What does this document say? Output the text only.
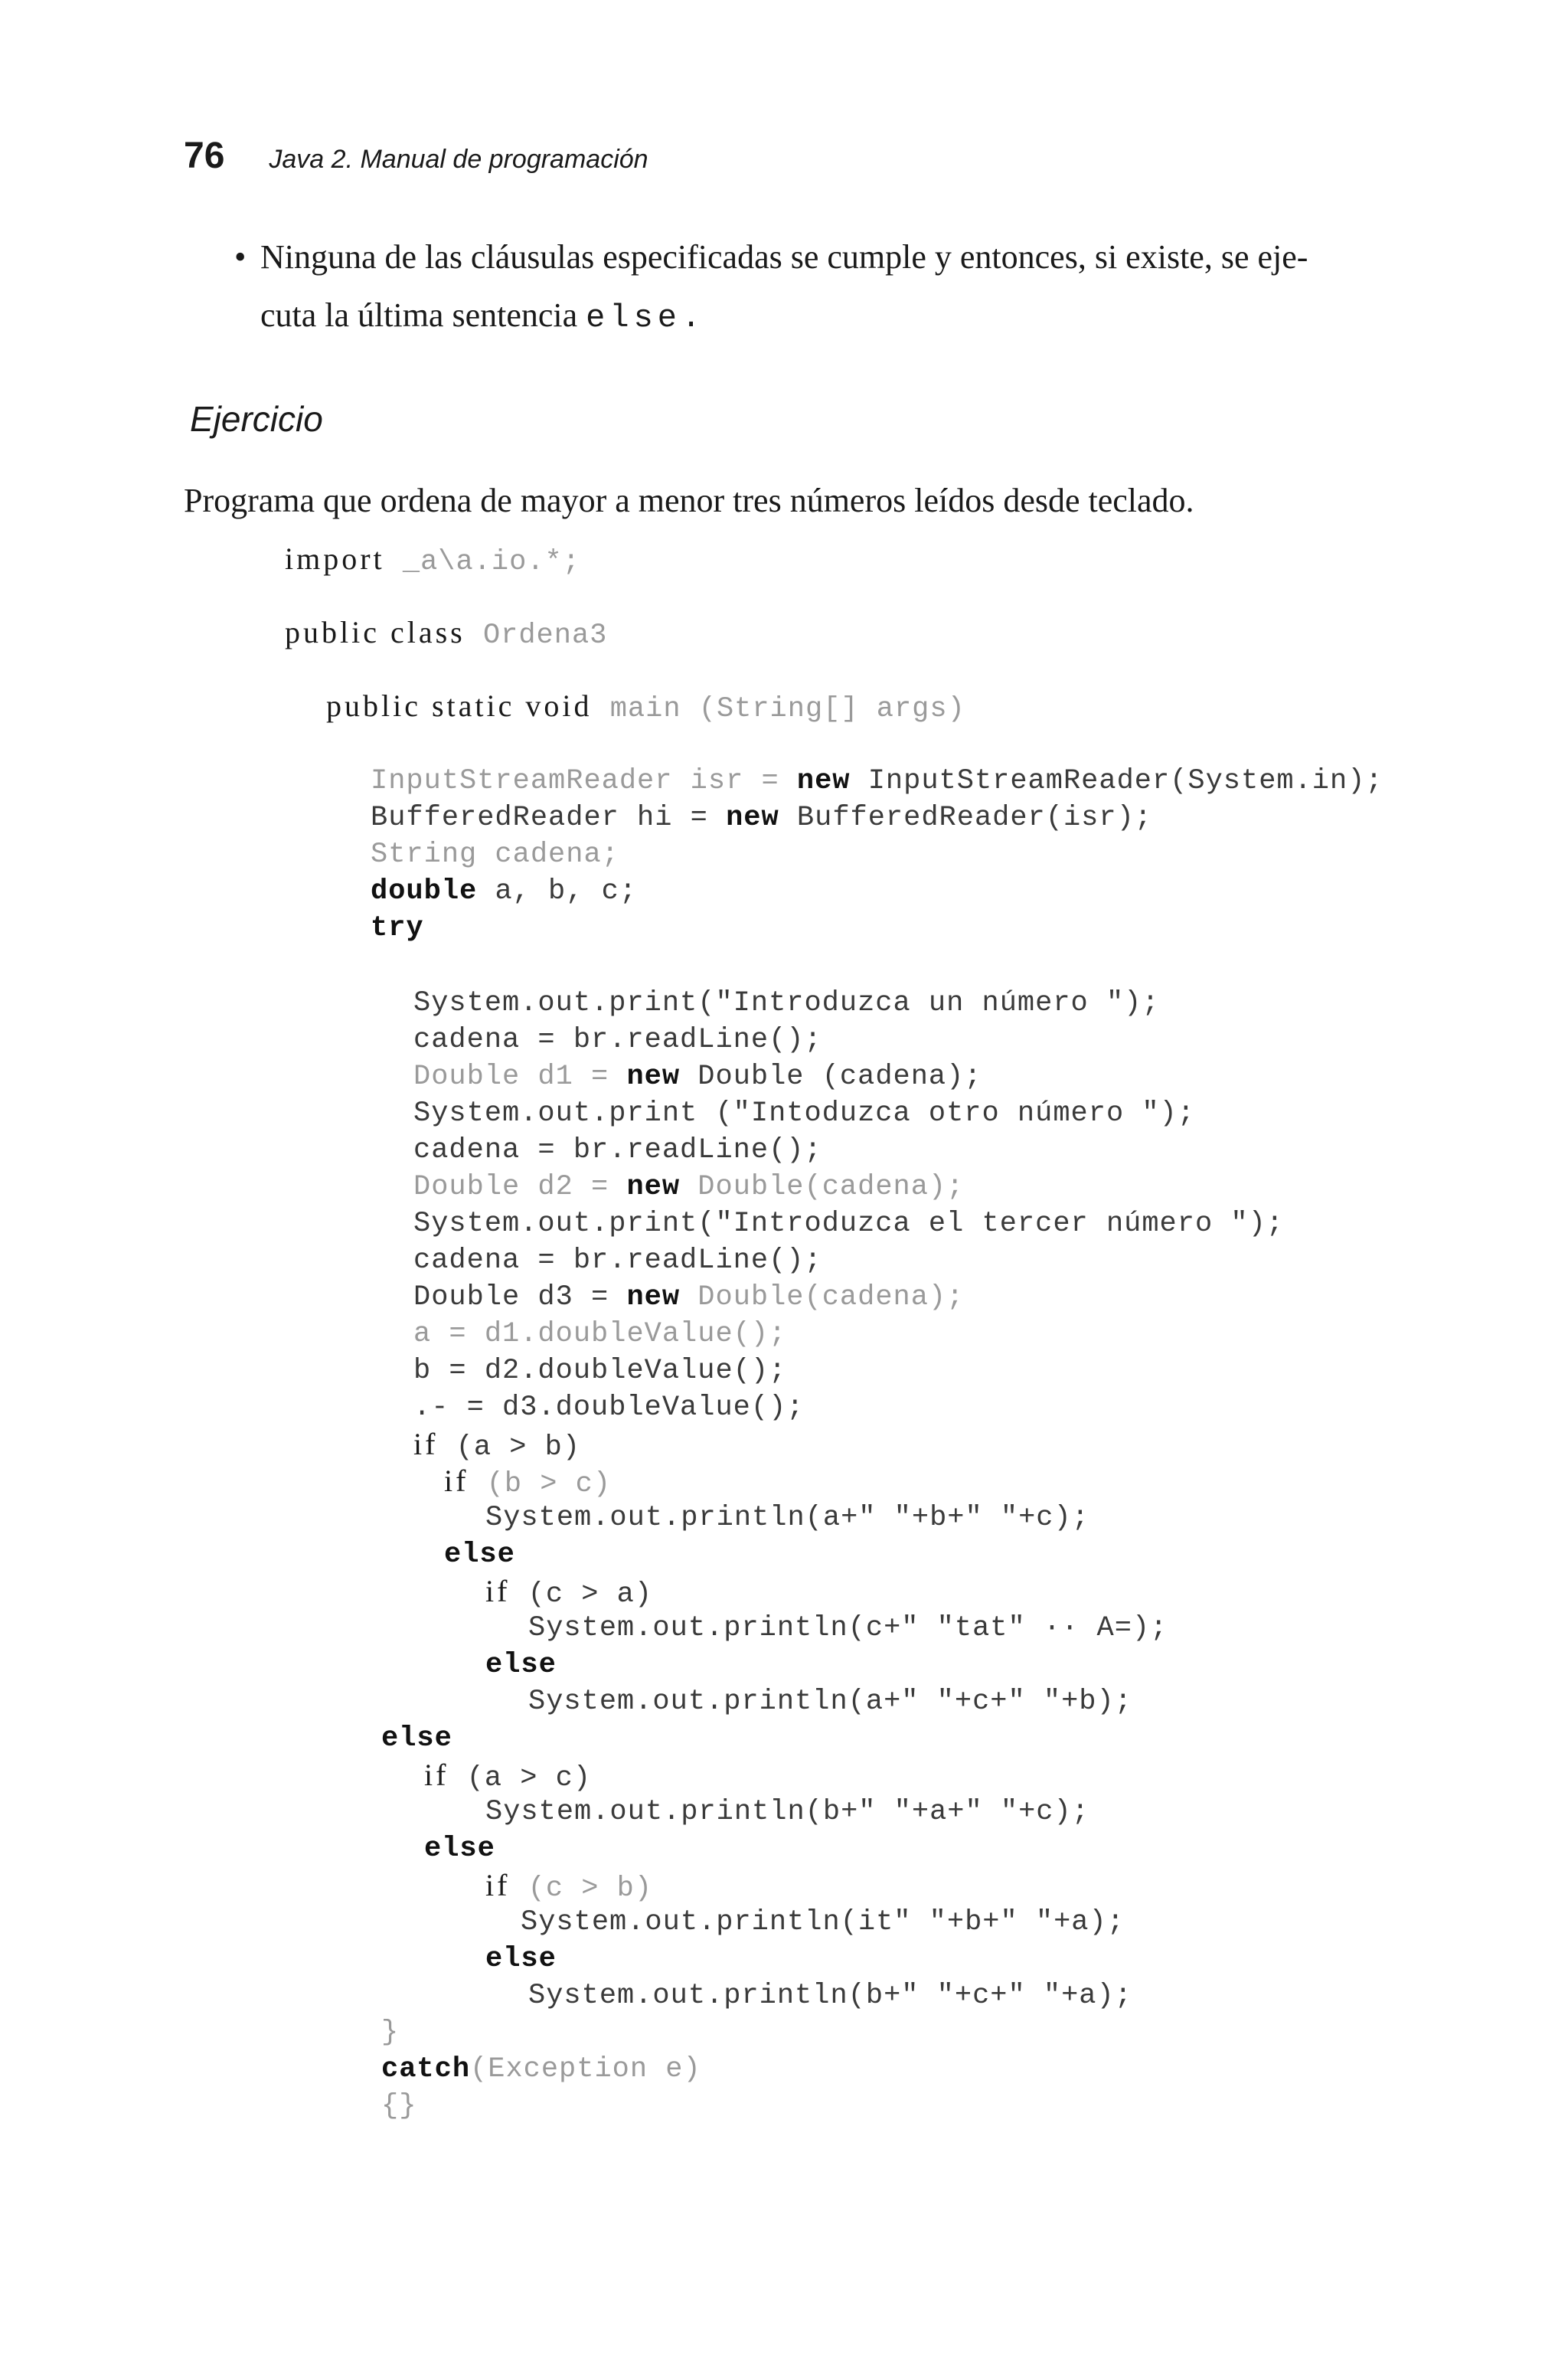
76 Java 2. Manual de programación
• Ninguna de las cláusulas especificadas se cumple y entonces, si existe, se eje-
cuta la última sentencia else.
Ejercicio
Programa que ordena de mayor a menor tres números leídos desde teclado.
import _a\a.io.*;
public class Ordena3
public static void main (String[] args)
InputStreamReader isr = new InputStreamReader(System.in);
BufferedReader hi = new BufferedReader(isr);
String cadena;
double a, b, c;
try
System.out.print("Introduzca un número ");
cadena = br.readLine();
Double d1 = new Double (cadena);
System.out.print ("Intoduzca otro número ");
cadena = br.readLine();
Double d2 = new Double(cadena);
System.out.print("Introduzca el tercer número ");
cadena = br.readLine();
Double d3 = new Double(cadena);
a = d1.doubleValue();
b = d2.doubleValue();
.- = d3.doubleValue();
if (a > b)
if (b > c)
System.out.println(a+" "+b+" "+c);
else
if (c > a)
System.out.println(c+" "tat" ·· A=);
else
System.out.println(a+" "+c+" "+b);
else
if (a > c)
System.out.println(b+" "+a+" "+c);
else
if (c > b)
System.out.println(it" "+b+" "+a);
else
System.out.println(b+" "+c+" "+a);
}
catch(Exception e)
{}
